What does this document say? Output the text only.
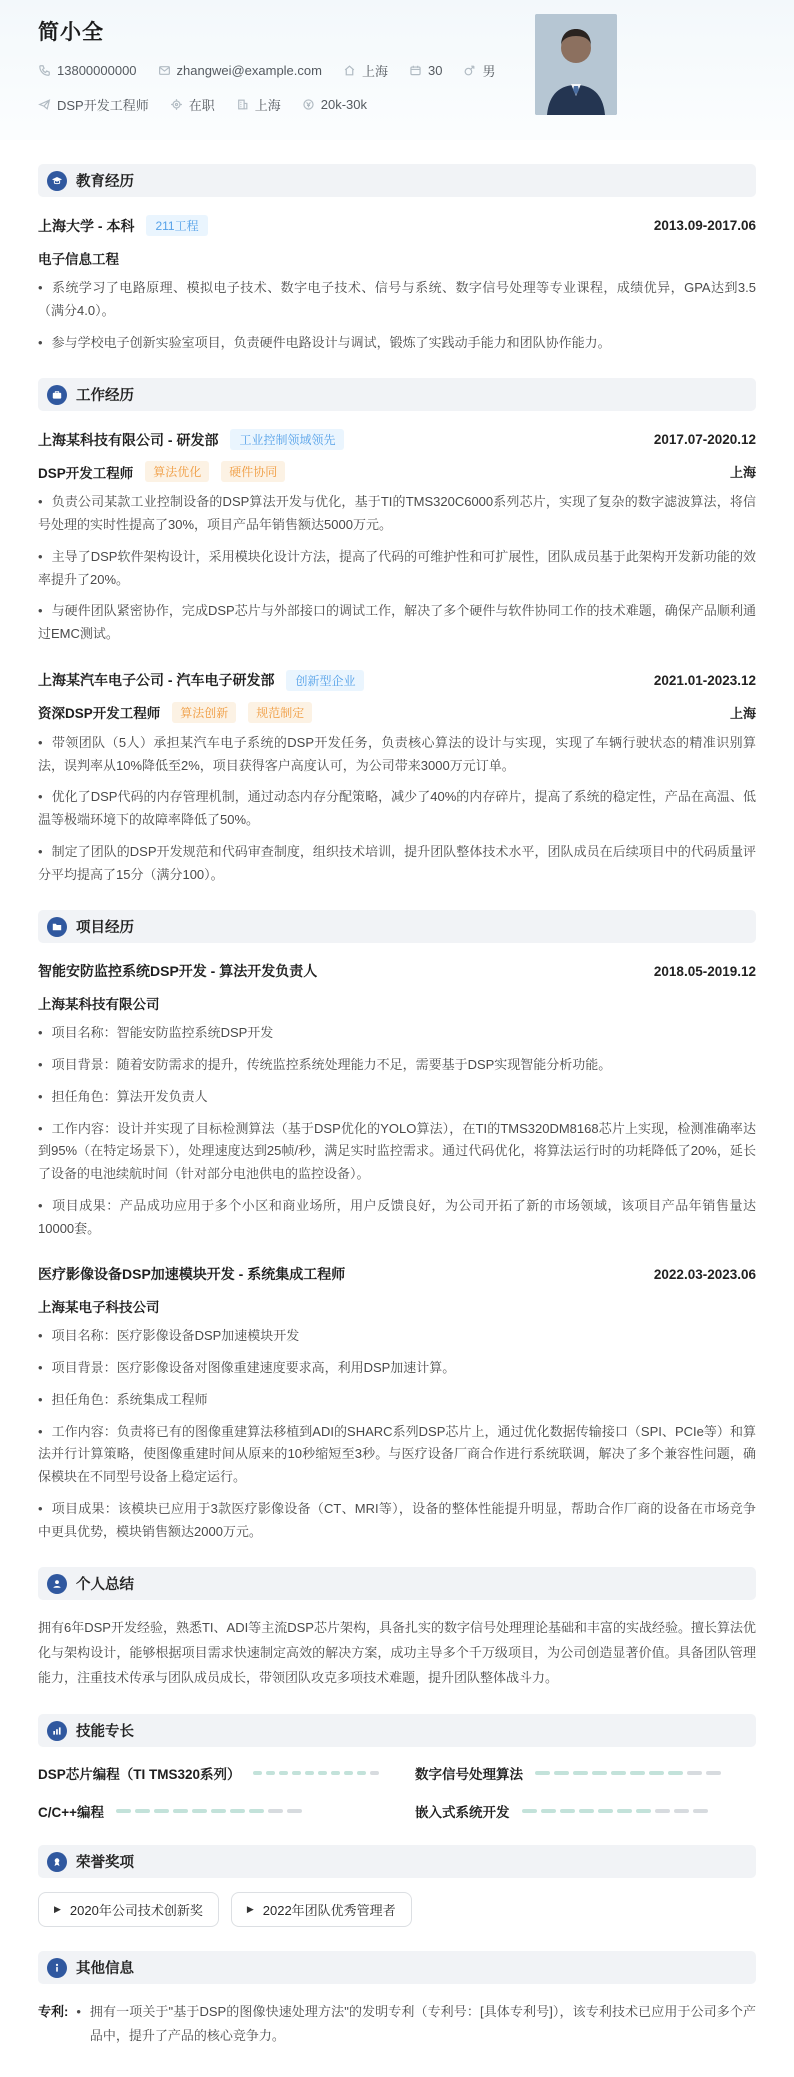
简小全
13800000000	zhangwei@example.com	上海	30	男
DSP开发工程师	在职	上海	20k-30k
教育经历
上海大学 - 本科	211工程	2013.09-2017.06
电子信息工程

• 系统学习了电路原理、模拟电子技术、数字电子技术、信号与系统、数字信号处理等专业课程，成绩优异，GPA达到3.5（满分4.0）。

• 参与学校电子创新实验室项目，负责硬件电路设计与调试，锻炼了实践动手能力和团队协作能力。

工作经历
上海某科技有限公司 - 研发部	工业控制领域领先	2017.07-2020.12
DSP开发工程师	算法优化	硬件协同	上海

• 负责公司某款工业控制设备的DSP算法开发与优化，基于TI的TMS320C6000系列芯片，实现了复杂的数字滤波算法，将信号处理的实时性提高了30%，项目产品年销售额达5000万元。

• 主导了DSP软件架构设计，采用模块化设计方法，提高了代码的可维护性和可扩展性，团队成员基于此架构开发新功能的效率提升了20%。

• 与硬件团队紧密协作，完成DSP芯片与外部接口的调试工作，解决了多个硬件与软件协同工作的技术难题，确保产品顺利通过EMC测试。

上海某汽车电子公司 - 汽车电子研发部	创新型企业	2021.01-2023.12
资深DSP开发工程师	算法创新	规范制定	上海

• 带领团队（5人）承担某汽车电子系统的DSP开发任务，负责核心算法的设计与实现，实现了车辆行驶状态的精准识别算法，误判率从10%降低至2%，项目获得客户高度认可，为公司带来3000万元订单。

• 优化了DSP代码的内存管理机制，通过动态内存分配策略，减少了40%的内存碎片，提高了系统的稳定性，产品在高温、低温等极端环境下的故障率降低了50%。

• 制定了团队的DSP开发规范和代码审查制度，组织技术培训，提升团队整体技术水平，团队成员在后续项目中的代码质量评分平均提高了15分（满分100）。

项目经历
智能安防监控系统DSP开发 - 算法开发负责人	2018.05-2019.12
上海某科技有限公司

• 项目名称：智能安防监控系统DSP开发

• 项目背景：随着安防需求的提升，传统监控系统处理能力不足，需要基于DSP实现智能分析功能。

• 担任角色：算法开发负责人

• 工作内容：设计并实现了目标检测算法（基于DSP优化的YOLO算法），在TI的TMS320DM8168芯片上实现，检测准确率达到95%（在特定场景下），处理速度达到25帧/秒，满足实时监控需求。通过代码优化，将算法运行时的功耗降低了20%，延长了设备的电池续航时间（针对部分电池供电的监控设备）。

• 项目成果：产品成功应用于多个小区和商业场所，用户反馈良好，为公司开拓了新的市场领域，该项目产品年销售量达10000套。

医疗影像设备DSP加速模块开发 - 系统集成工程师	2022.03-2023.06
上海某电子科技公司

• 项目名称：医疗影像设备DSP加速模块开发

• 项目背景：医疗影像设备对图像重建速度要求高，利用DSP加速计算。

• 担任角色：系统集成工程师

• 工作内容：负责将已有的图像重建算法移植到ADI的SHARC系列DSP芯片上，通过优化数据传输接口（SPI、PCIe等）和算法并行计算策略，使图像重建时间从原来的10秒缩短至3秒。与医疗设备厂商合作进行系统联调，解决了多个兼容性问题，确保模块在不同型号设备上稳定运行。

• 项目成果：该模块已应用于3款医疗影像设备（CT、MRI等），设备的整体性能提升明显，帮助合作厂商的设备在市场竞争中更具优势，模块销售额达2000万元。

个人总结

拥有6年DSP开发经验，熟悉TI、ADI等主流DSP芯片架构，具备扎实的数字信号处理理论基础和丰富的实战经验。擅长算法优化与架构设计，能够根据项目需求快速制定高效的解决方案，成功主导多个千万级项目，为公司创造显著价值。具备团队管理能力，注重技术传承与团队成员成长，带领团队攻克多项技术难题，提升团队整体战斗力。

技能专长
DSP芯片编程（TI TMS320系列）	数字信号处理算法
C/C++编程	嵌入式系统开发
荣誉奖项
▶ 2020年公司技术创新奖	▶ 2022年团队优秀管理者
其他信息
专利: • 拥有一项关于"基于DSP的图像快速处理方法"的发明专利（专利号：[具体专利号]），该专利技术已应用于公司多个产品中，提升了产品的核心竞争力。
